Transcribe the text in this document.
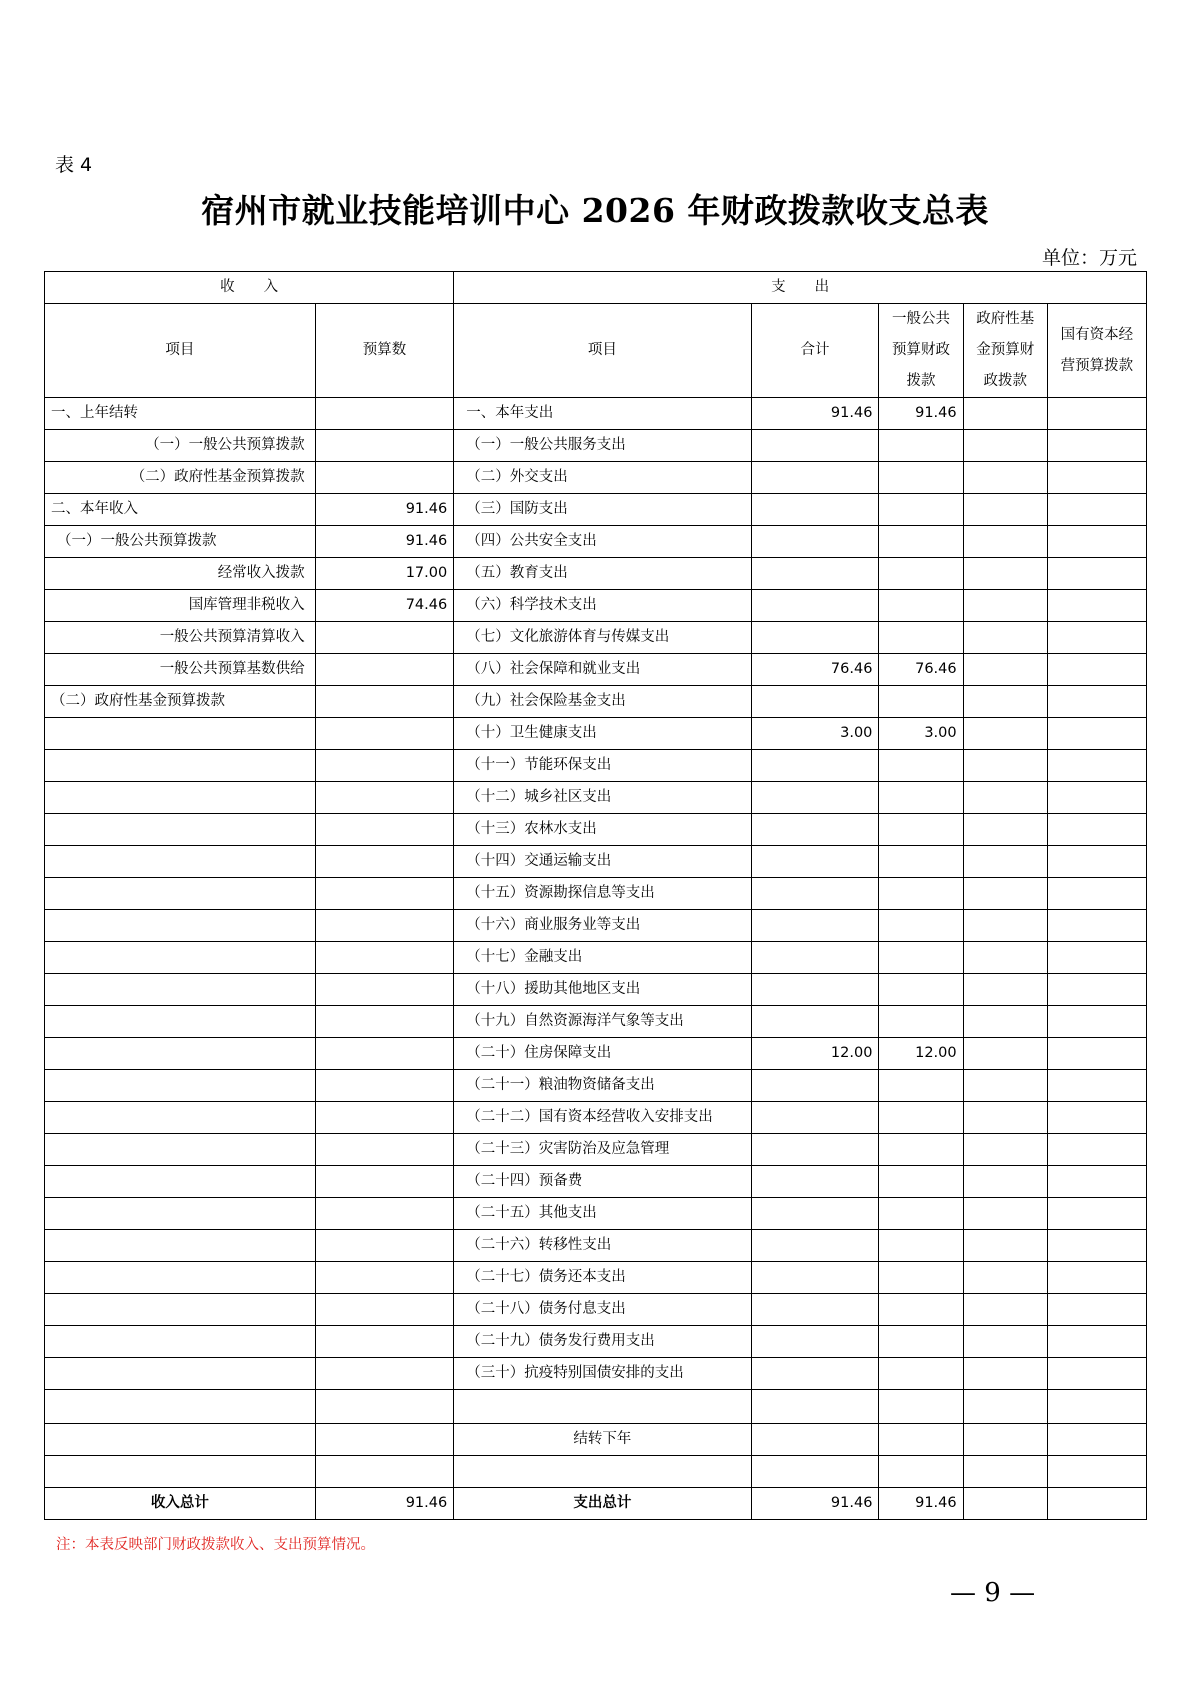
表 4
宿州市就业技能培训中心 2026 年财政拨款收支总表
单位：万元
收　　入		支　　出				
项目	预算数	项目	合计	一般公共预算财政拨款	政府性基金预算财政拨款	国有资本经营预算拨款
一、上年结转		一、本年支出	91.46	91.46		
（一）一般公共预算拨款		（一）一般公共服务支出				
（二）政府性基金预算拨款		（二）外交支出				
二、本年收入	91.46	（三）国防支出				
（一）一般公共预算拨款	91.46	（四）公共安全支出				
经常收入拨款	17.00	（五）教育支出				
国库管理非税收入	74.46	（六）科学技术支出				
一般公共预算清算收入		（七）文化旅游体育与传媒支出				
一般公共预算基数供给		（八）社会保障和就业支出	76.46	76.46		
（二）政府性基金预算拨款		（九）社会保险基金支出				
		（十）卫生健康支出	3.00	3.00		
		（十一）节能环保支出				
		（十二）城乡社区支出				
		（十三）农林水支出				
		（十四）交通运输支出				
		（十五）资源勘探信息等支出				
		（十六）商业服务业等支出				
		（十七）金融支出				
		（十八）援助其他地区支出				
		（十九）自然资源海洋气象等支出				
		（二十）住房保障支出	12.00	12.00		
		（二十一）粮油物资储备支出				
		（二十二）国有资本经营收入安排支出				
		（二十三）灾害防治及应急管理				
		（二十四）预备费				
		（二十五）其他支出				
		（二十六）转移性支出				
		（二十七）债务还本支出				
		（二十八）债务付息支出				
		（二十九）债务发行费用支出				
		（三十）抗疫特别国债安排的支出				

		结转下年				

收入总计	91.46	支出总计	91.46	91.46		
注：本表反映部门财政拨款收入、支出预算情况。
— 9 —
